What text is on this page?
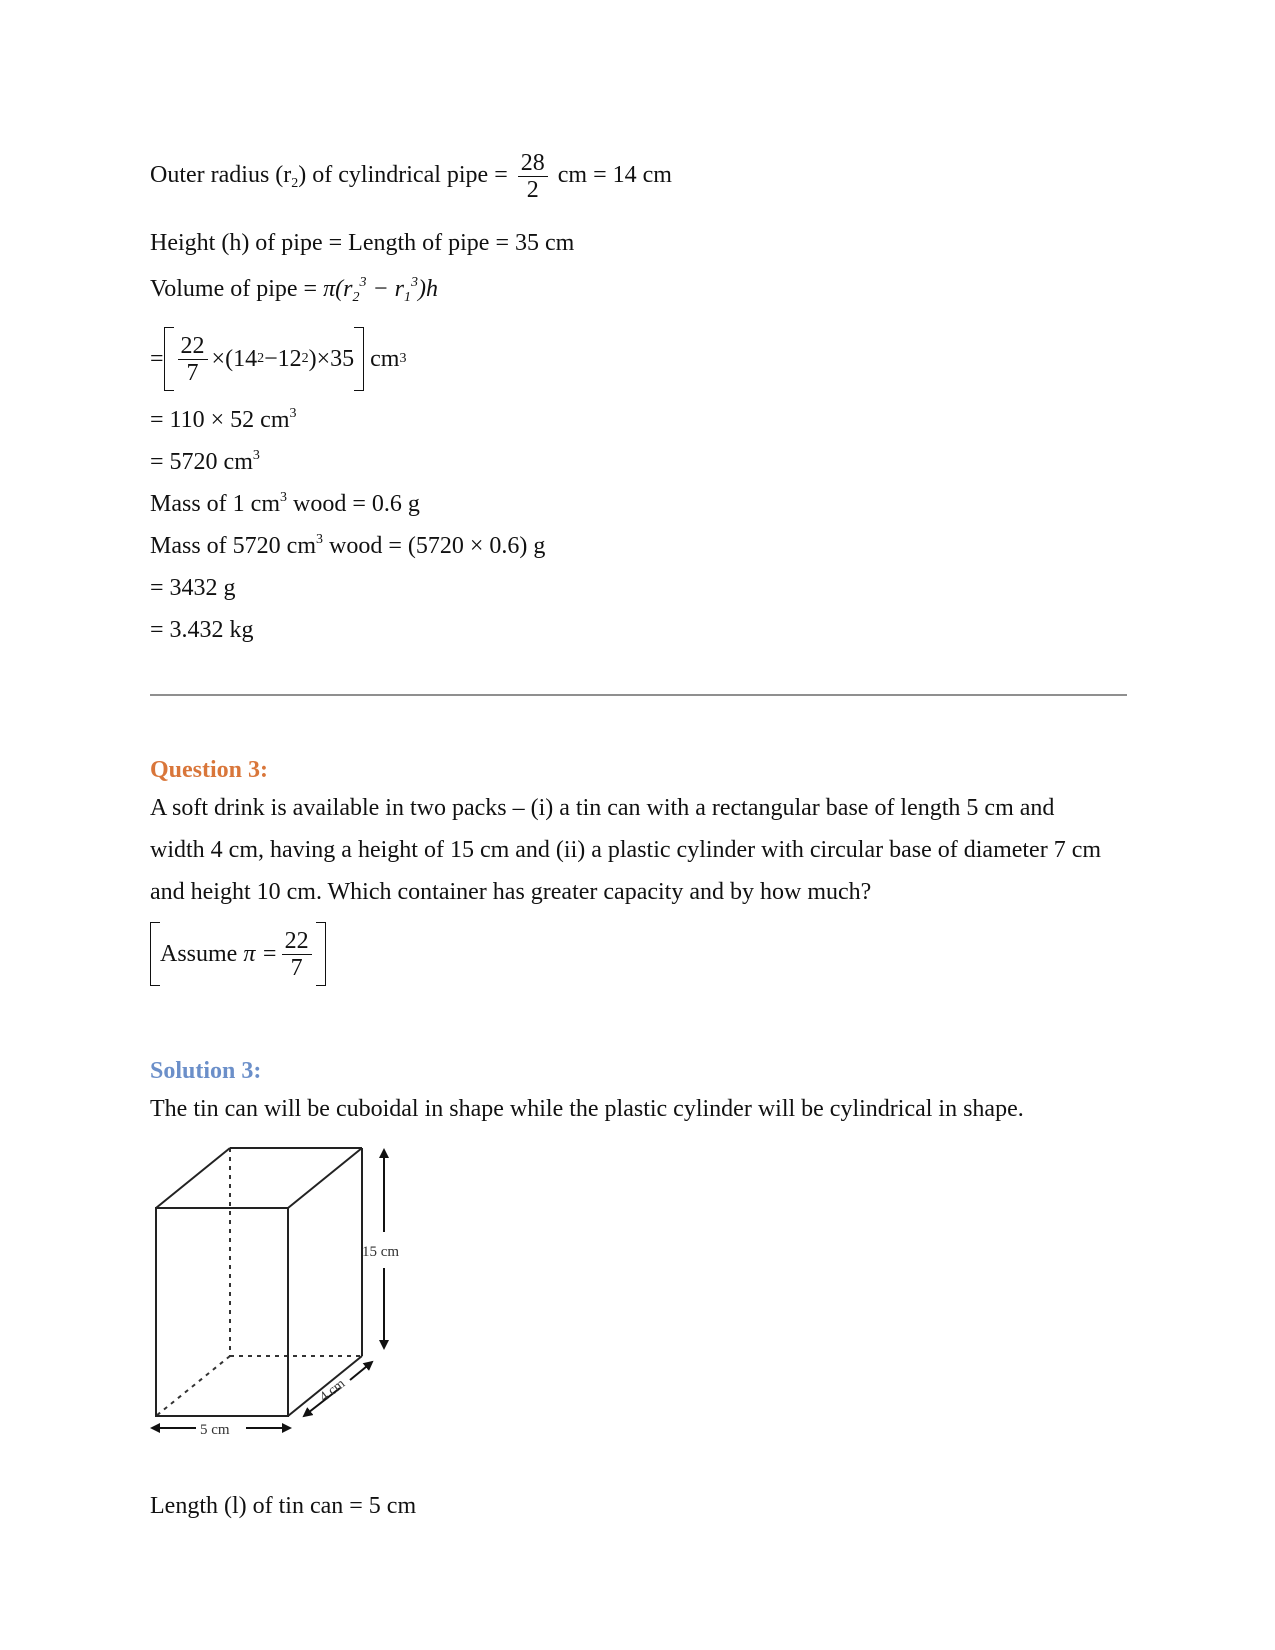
Outer radius $(r_2)$ of cylindrical pipe = $\frac{28}{2}$ cm = 14 cm
Height (h) of pipe = Length of pipe = 35 cm
Volume of pipe = $\pi(r_2^3 - r_1^3)h$
= $\frac{22}{7} \times(14$ 2 −12 2 )×35
cm 3
= 110 × 52 $cm^3$
= 5720 $cm^3$
Mass of 1 $cm^3$ wood = 0.6 g
Mass of 5720 $cm^3$ wood = (5720 × 0.6) g
= 3432 g
= 3.432 kg
Question 3:
A soft drink is available in two packs – (i) a tin can with a rectangular base of length 5 cm and width 4 cm, having a height of 15 cm and (ii) a plastic cylinder with circular base of diameter 7 cm and height 10 cm. Which container has greater capacity and by how much?
Assume
$\pi = \frac{22}{7}$
Solution 3:
The tin can will be cuboidal in shape while the plastic cylinder will be cylindrical in shape.
15 cm
4 cm
5 cm
Length (l) of tin can = 5 cm
